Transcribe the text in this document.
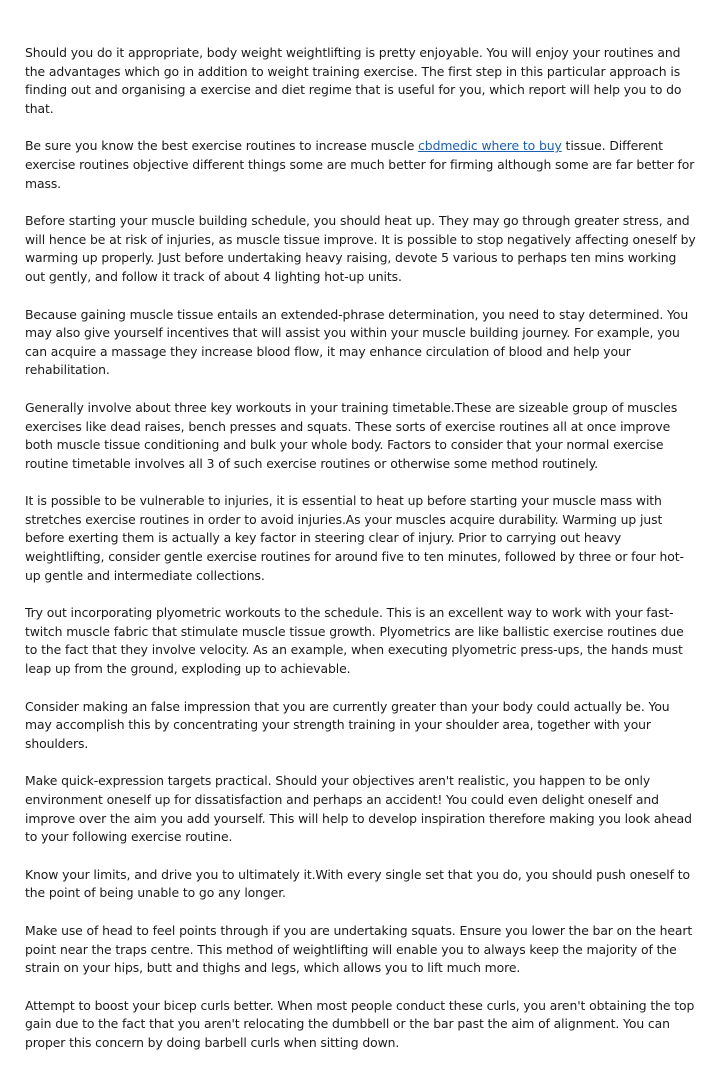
Should you do it appropriate, body weight weightlifting is pretty enjoyable. You will enjoy your routines and the advantages which go in addition to weight training exercise. The first step in this particular approach is finding out and organising a exercise and diet regime that is useful for you, which report will help you to do that.

Be sure you know the best exercise routines to increase muscle cbdmedic where to buy tissue. Different exercise routines objective different things some are much better for firming although some are far better for mass.

Before starting your muscle building schedule, you should heat up. They may go through greater stress, and will hence be at risk of injuries, as muscle tissue improve. It is possible to stop negatively affecting oneself by warming up properly. Just before undertaking heavy raising, devote 5 various to perhaps ten mins working out gently, and follow it track of about 4 lighting hot-up units.

Because gaining muscle tissue entails an extended-phrase determination, you need to stay determined. You may also give yourself incentives that will assist you within your muscle building journey. For example, you can acquire a massage they increase blood flow, it may enhance circulation of blood and help your rehabilitation.

Generally involve about three key workouts in your training timetable.These are sizeable group of muscles exercises like dead raises, bench presses and squats. These sorts of exercise routines all at once improve both muscle tissue conditioning and bulk your whole body. Factors to consider that your normal exercise routine timetable involves all 3 of such exercise routines or otherwise some method routinely.

It is possible to be vulnerable to injuries, it is essential to heat up before starting your muscle mass with stretches exercise routines in order to avoid injuries.As your muscles acquire durability. Warming up just before exerting them is actually a key factor in steering clear of injury. Prior to carrying out heavy weightlifting, consider gentle exercise routines for around five to ten minutes, followed by three or four hot-up gentle and intermediate collections.

Try out incorporating plyometric workouts to the schedule. This is an excellent way to work with your fast-twitch muscle fabric that stimulate muscle tissue growth. Plyometrics are like ballistic exercise routines due to the fact that they involve velocity. As an example, when executing plyometric press-ups, the hands must leap up from the ground, exploding up to achievable.

Consider making an false impression that you are currently greater than your body could actually be. You may accomplish this by concentrating your strength training in your shoulder area, together with your shoulders.

Make quick-expression targets practical. Should your objectives aren't realistic, you happen to be only environment oneself up for dissatisfaction and perhaps an accident! You could even delight oneself and improve over the aim you add yourself. This will help to develop inspiration therefore making you look ahead to your following exercise routine.

Know your limits, and drive you to ultimately it.With every single set that you do, you should push oneself to the point of being unable to go any longer.

Make use of head to feel points through if you are undertaking squats. Ensure you lower the bar on the heart point near the traps centre. This method of weightlifting will enable you to always keep the majority of the strain on your hips, butt and thighs and legs, which allows you to lift much more.

Attempt to boost your bicep curls better. When most people conduct these curls, you aren't obtaining the top gain due to the fact that you aren't relocating the dumbbell or the bar past the aim of alignment. You can proper this concern by doing barbell curls when sitting down.
